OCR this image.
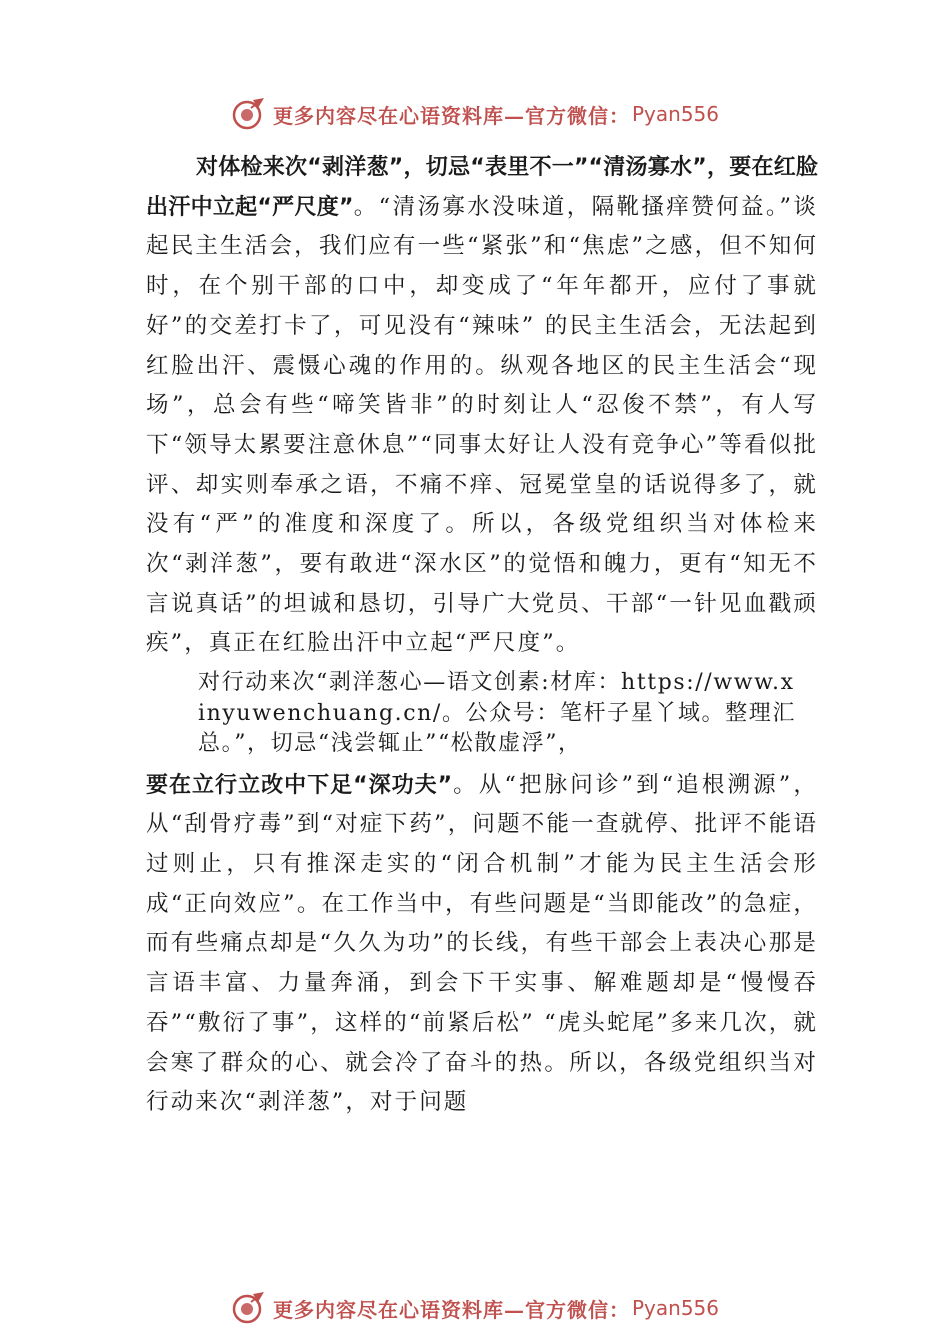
更多内容尽在心语资料库—官方微信： Pyan556

对体检来次“剥洋葱”，切忌“表里不一”“清汤寡水”，要在红脸出汗中立起“严尺度”。“清汤寡水没味道，隔靴搔痒赞何益。”谈起民主生活会，我们应有一些“紧张”和“焦虑”之感，但不知何时，在个别干部的口中，却变成了“年年都开，应付了事就好”的交差打卡了，可见没有“辣味” 的民主生活会，无法起到红脸出汗、震慑心魂的作用的。纵观各地区的民主生活会“现场”，总会有些“啼笑皆非”的时刻让人“忍俊不禁”，有人写下“领导太累要注意休息”“同事太好让人没有竞争心”等看似批评、却实则奉承之语，不痛不痒、冠冕堂皇的话说得多了，就没有“严”的准度和深度了。所以，各级党组织当对体检来次“剥洋葱”，要有敢进“深水区”的觉悟和魄力，更有“知无不言说真话”的坦诚和恳切，引导广大党员、干部“一针见血戳顽疾”，真正在红脸出汗中立起“严尺度”。

对行动来次“剥洋葱心—语文创素:材库：https://www.xinyuwenchuang.cn/。公众号：笔杆子星丫域。整理汇总。”，切忌“浅尝辄止”“松散虚浮”，

要在立行立改中下足“深功夫”。从“把脉问诊”到“追根溯源”，从“刮骨疗毒”到“对症下药”，问题不能一查就停、批评不能语过则止，只有推深走实的“闭合机制”才能为民主生活会形成“正向效应”。在工作当中，有些问题是“当即能改”的急症，而有些痛点却是“久久为功”的长线，有些干部会上表决心那是言语丰富、力量奔涌，到会下干实事、解难题却是“慢慢吞吞”“敷衍了事”，这样的“前紧后松” “虎头蛇尾”多来几次，就会寒了群众的心、就会冷了奋斗的热。所以，各级党组织当对行动来次“剥洋葱”，对于问题

更多内容尽在心语资料库—官方微信： Pyan556
